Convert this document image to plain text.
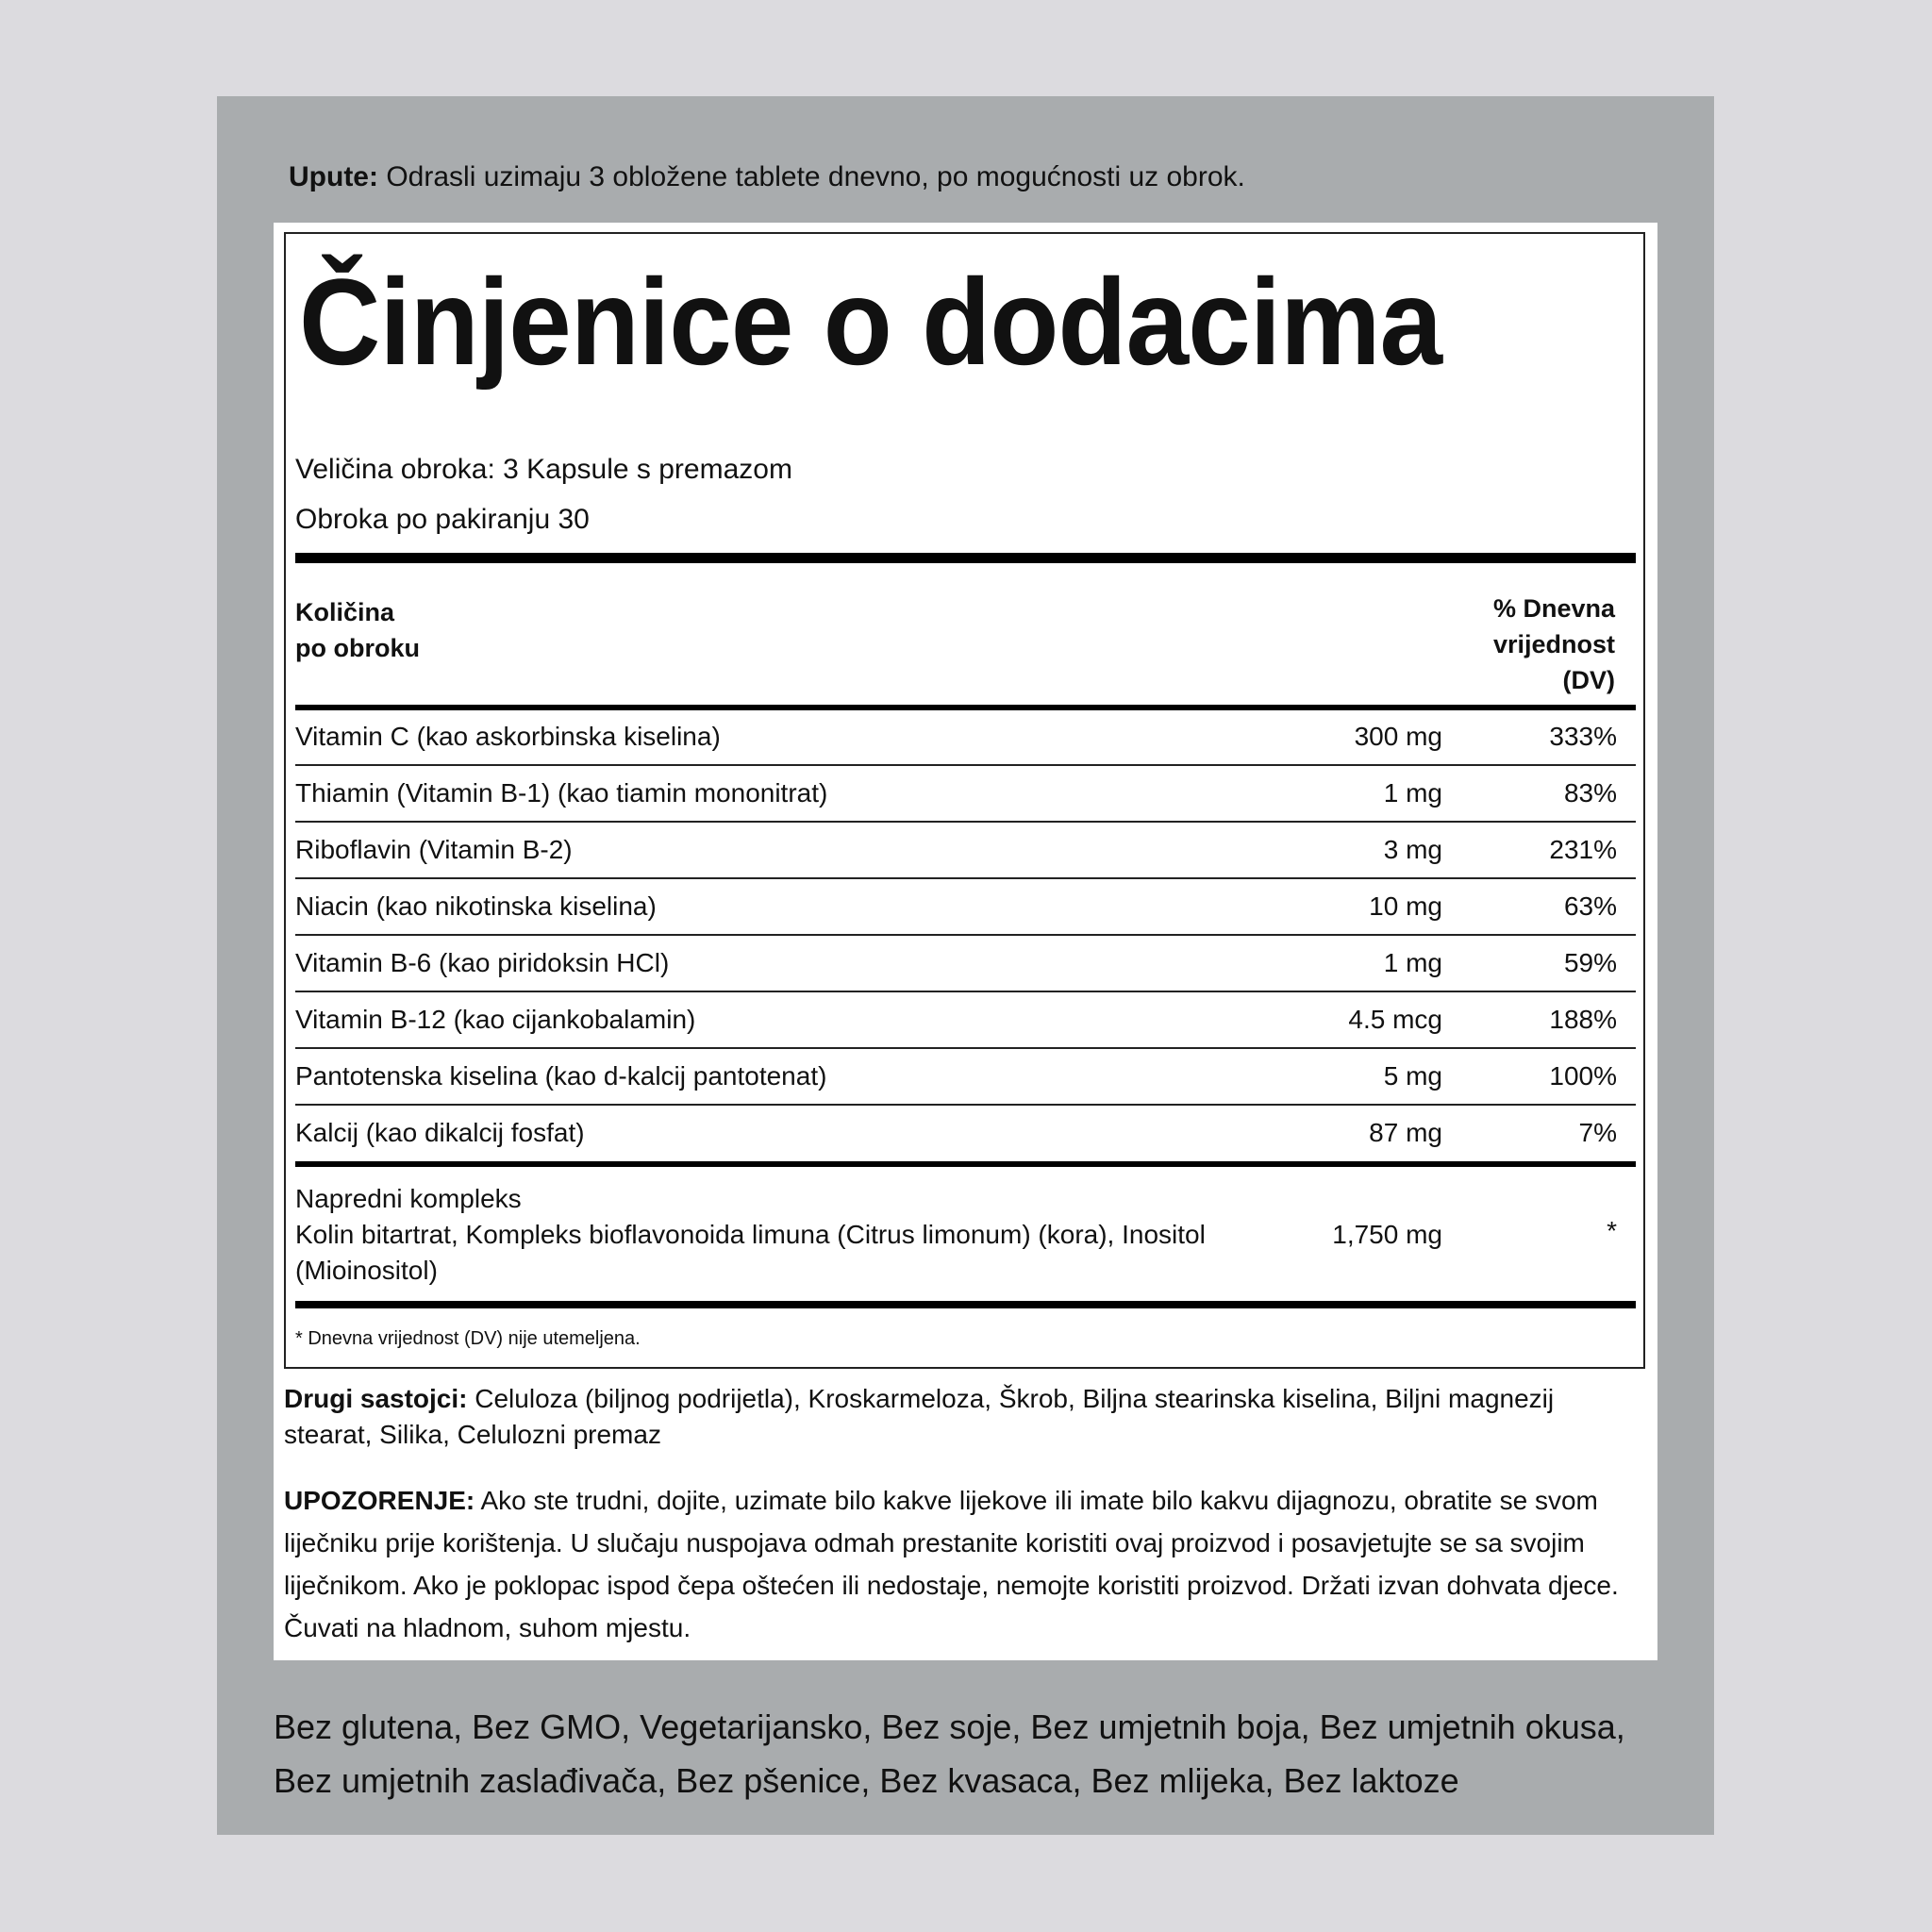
Upute: Odrasli uzimaju 3 obložene tablete dnevno, po mogućnosti uz obrok.
Činjenice o dodacima
Veličina obroka: 3 Kapsule s premazom
Obroka po pakiranju 30
Količina
po obroku
% Dnevna
vrijednost
(DV)
Vitamin C (kao askorbinska kiselina)	300 mg	333%
Thiamin (Vitamin B-1) (kao tiamin mononitrat)	1 mg	83%
Riboflavin (Vitamin B-2)	3 mg	231%
Niacin (kao nikotinska kiselina)	10 mg	63%
Vitamin B-6 (kao piridoksin HCl)	1 mg	59%
Vitamin B-12 (kao cijankobalamin)	4.5 mcg	188%
Pantotenska kiselina (kao d-kalcij pantotenat)	5 mg	100%
Kalcij (kao dikalcij fosfat)	87 mg	7%
Napredni kompleks
Kolin bitartrat, Kompleks bioflavonoida limuna (Citrus limonum) (kora), Inositol (Mioinositol)
1,750 mg	*
* Dnevna vrijednost (DV) nije utemeljena.
Drugi sastojci: Celuloza (biljnog podrijetla), Kroskarmeloza, Škrob, Biljna stearinska kiselina, Biljni magnezij stearat, Silika, Celulozni premaz
UPOZORENJE: Ako ste trudni, dojite, uzimate bilo kakve lijekove ili imate bilo kakvu dijagnozu, obratite se svom liječniku prije korištenja. U slučaju nuspojava odmah prestanite koristiti ovaj proizvod i posavjetujte se sa svojim liječnikom. Ako je poklopac ispod čepa oštećen ili nedostaje, nemojte koristiti proizvod. Držati izvan dohvata djece. Čuvati na hladnom, suhom mjestu.
Bez glutena, Bez GMO, Vegetarijansko, Bez soje, Bez umjetnih boja, Bez umjetnih okusa, Bez umjetnih zaslađivača, Bez pšenice, Bez kvasaca, Bez mlijeka, Bez laktoze
